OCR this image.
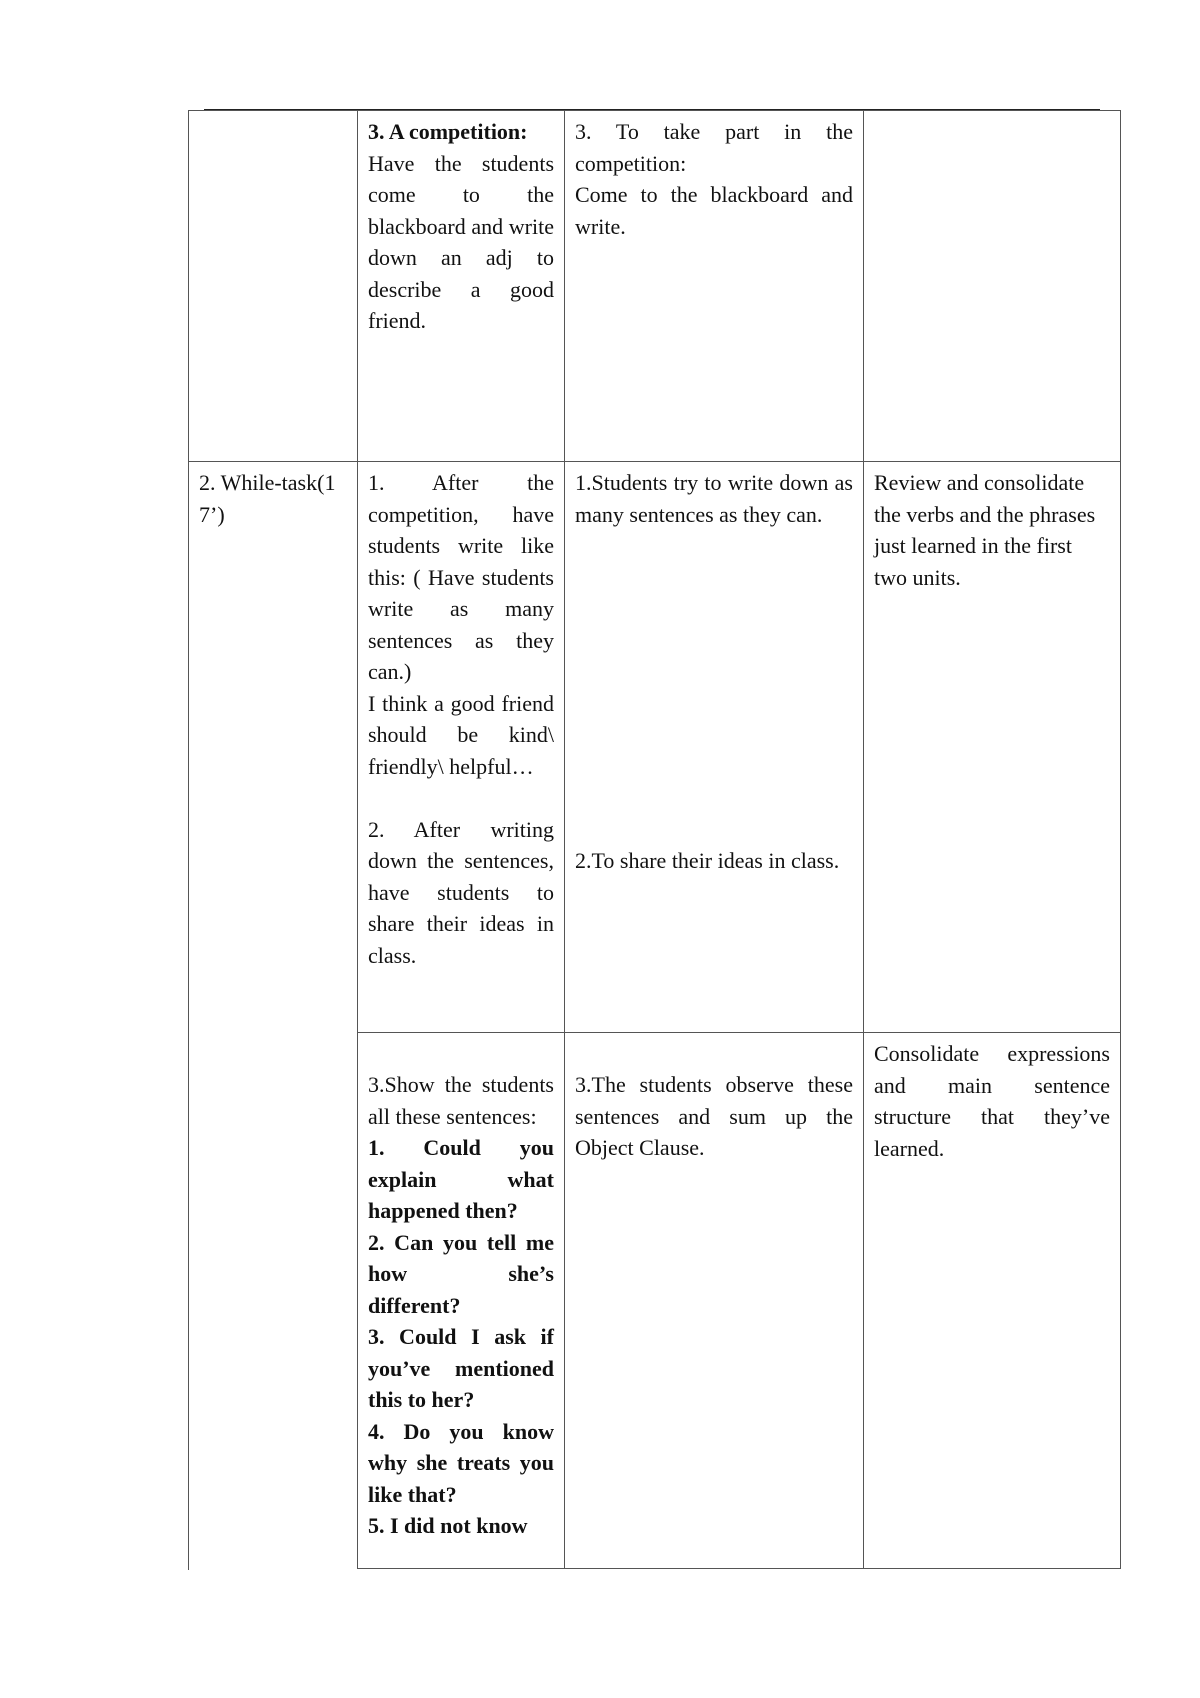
3. A competition:
Have the students come to the blackboard and write down an adj to describe a good friend.
3. To take part in the competition:
Come to the blackboard and write.
2. While-task(17’)
1. After the competition, have students write like this: ( Have students write as many sentences as they can.)
I think a good friend should be kind\ friendly\ helpful…
2. After writing down the sentences, have students to share their ideas in class.
1.Students try to write down as many sentences as they can.
2.To share their ideas in class.
Review and consolidate the verbs and the phrases just learned in the first two units.
3.Show the students all these sentences:
1. Could you explain what happened then?
2. Can you tell me how she’s different?
3. Could I ask if you’ve mentioned this to her?
4. Do you know why she treats you like that?
5. I did not know
3.The students observe these sentences and sum up the Object Clause.
Consolidate expressions and main sentence structure that they’ve learned.
